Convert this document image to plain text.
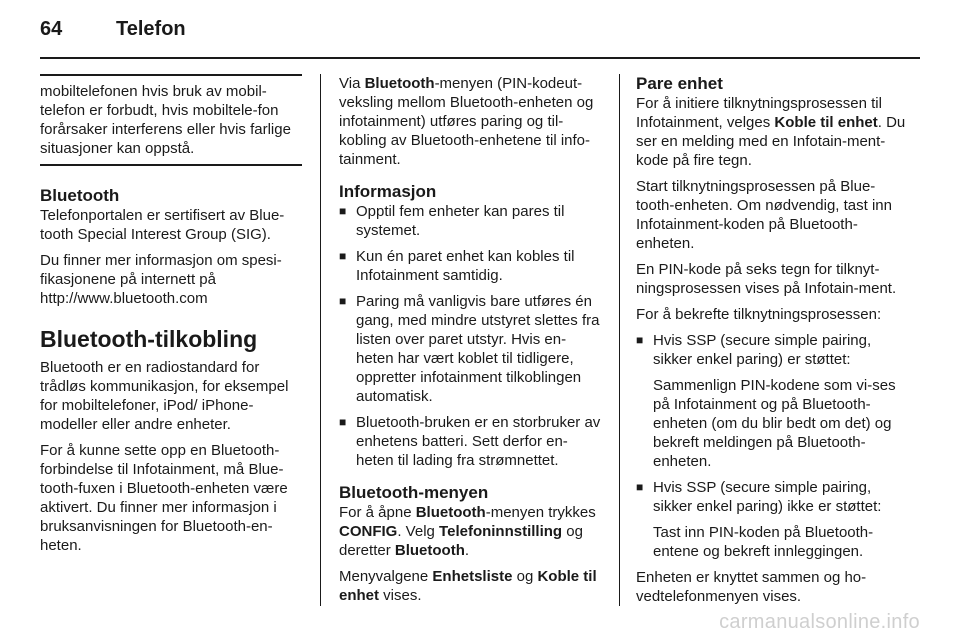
64	Telefon
mobiltelefonen hvis bruk av mobil-telefon er forbudt, hvis mobiltele-fon forårsaker interferens eller hvis farlige situasjoner kan oppstå.
Bluetooth

Telefonportalen er sertifisert av Blue-tooth Special Interest Group (SIG).

Du finner mer informasjon om spesi-fikasjonene på internett på
http://www.bluetooth.com

Bluetooth-tilkobling

Bluetooth er en radiostandard for trådløs kommunikasjon, for eksempel for mobiltelefoner, iPod/ iPhone-modeller eller andre enheter.

For å kunne sette opp en Bluetooth-forbindelse til Infotainment, må Blue-tooth-fuxen i Bluetooth-enheten være aktivert. Du finner mer informasjon i bruksanvisningen for Bluetooth-en-heten.

Via Bluetooth-menyen (PIN-kodeut-veksling mellom Bluetooth-enheten og infotainment) utføres paring og til-kobling av Bluetooth-enhetene til info-tainment.

Informasjon
■ Opptil fem enheter kan pares til systemet.
■ Kun én paret enhet kan kobles til Infotainment samtidig.
■ Paring må vanligvis bare utføres én gang, med mindre utstyret slettes fra listen over paret utstyr. Hvis en-heten har vært koblet til tidligere, oppretter infotainment tilkoblingen automatisk.
■ Bluetooth-bruken er en storbruker av enhetens batteri. Sett derfor en-heten til lading fra strømnettet.
Bluetooth-menyen

For å åpne Bluetooth-menyen trykkes CONFIG. Velg Telefoninnstilling og deretter Bluetooth.

Menyvalgene Enhetsliste og Koble til enhet vises.

Pare enhet

For å initiere tilknytningsprosessen til Infotainment, velges Koble til enhet. Du ser en melding med en Infotain-ment-kode på fire tegn.

Start tilknytningsprosessen på Blue-tooth-enheten. Om nødvendig, tast inn Infotainment-koden på Bluetooth-enheten.

En PIN-kode på seks tegn for tilknyt-ningsprosessen vises på Infotain-ment.

For å bekrefte tilknytningsprosessen:

■ Hvis SSP (secure simple pairing, sikker enkel paring) er støttet:
Sammenlign PIN-kodene som vi-ses på Infotainment og på Bluetooth-enheten (om du blir bedt om det) og bekreft meldingen på Bluetooth-enheten.
■ Hvis SSP (secure simple pairing, sikker enkel paring) ikke er støttet:
Tast inn PIN-koden på Bluetooth-entene og bekreft innleggingen.

Enheten er knyttet sammen og ho-vedtelefonmenyen vises.

carmanualsonline.info
